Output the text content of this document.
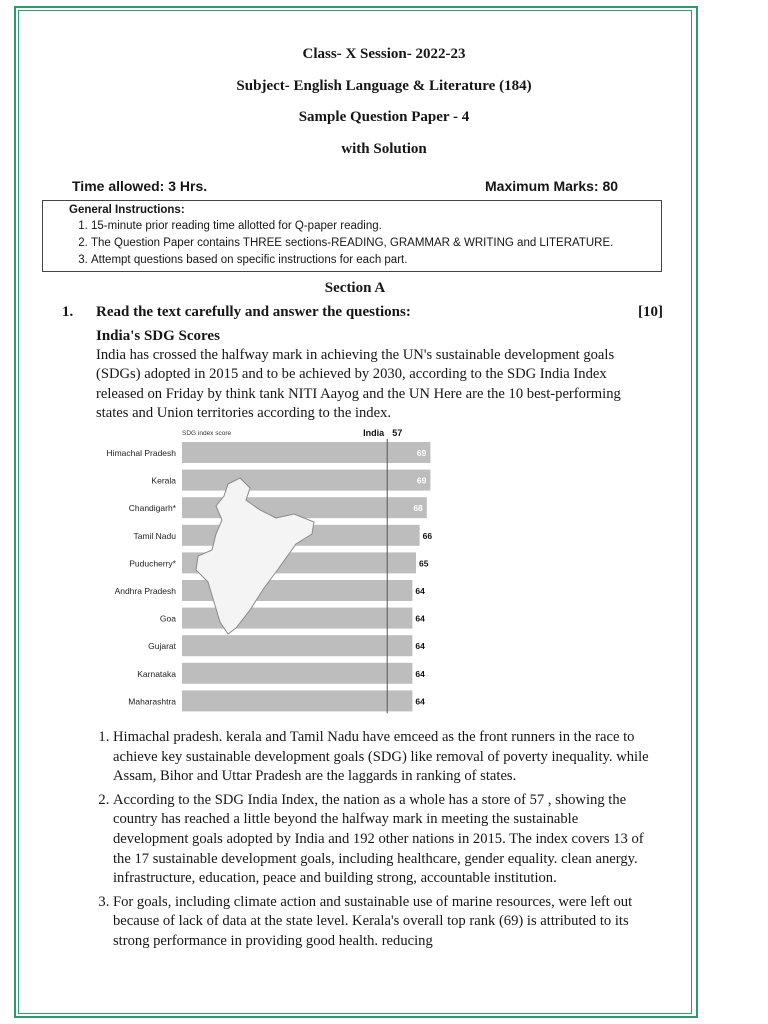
Class- X Session- 2022-23
Subject- English Language & Literature (184)
Sample Question Paper - 4
with Solution
Time allowed: 3 Hrs.	Maximum Marks: 80
General Instructions:
1. 15-minute prior reading time allotted for Q-paper reading.
2. The Question Paper contains THREE sections-READING, GRAMMAR & WRITING and LITERATURE.
3. Attempt questions based on specific instructions for each part.
Section A
1. Read the text carefully and answer the questions:	[10]
India's SDG Scores
India has crossed the halfway mark in achieving the UN's sustainable development goals (SDGs) adopted in 2015 and to be achieved by 2030, according to the SDG India Index released on Friday by think tank NITI Aayog and the UN Here are the 10 best-performing states and Union territories according to the index.
SDG index score	India 57
Himachal Pradesh	69
Kerala	69
Chandigarh*	68
Tamil Nadu	66
Puducherry*	65
Andhra Pradesh	64
Goa	64
Gujarat	64
Karnataka	64
Maharashtra	64
1. Himachal pradesh. kerala and Tamil Nadu have emceed as the front runners in the race to achieve key sustainable development goals (SDG) like removal of poverty inequality. while Assam, Bihor and Uttar Pradesh are the laggards in ranking of states.
2. According to the SDG India Index, the nation as a whole has a store of 57 , showing the country has reached a little beyond the halfway mark in meeting the sustainable development goals adopted by India and 192 other nations in 2015. The index covers 13 of the 17 sustainable development goals, including healthcare, gender equality. clean anergy. infrastructure, education, peace and building strong, accountable institution.
3. For goals, including climate action and sustainable use of marine resources, were left out because of lack of data at the state level. Kerala's overall top rank (69) is attributed to its strong performance in providing good health. reducing
